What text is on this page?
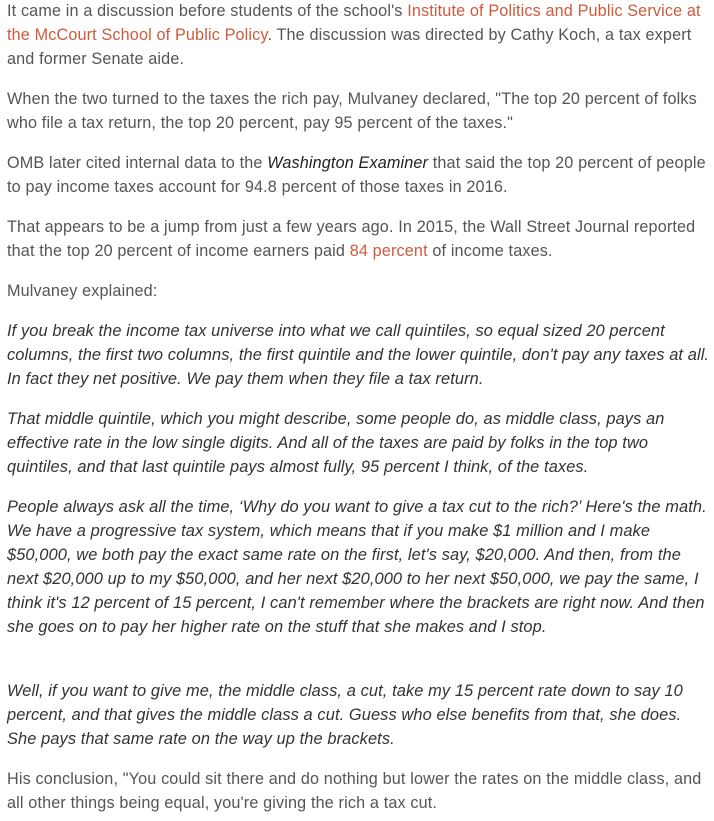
It came in a discussion before students of the school's Institute of Politics and Public Service at the McCourt School of Public Policy. The discussion was directed by Cathy Koch, a tax expert and former Senate aide.

When the two turned to the taxes the rich pay, Mulvaney declared, "The top 20 percent of folks who file a tax return, the top 20 percent, pay 95 percent of the taxes."

OMB later cited internal data to the Washington Examiner that said the top 20 percent of people to pay income taxes account for 94.8 percent of those taxes in 2016.

That appears to be a jump from just a few years ago. In 2015, the Wall Street Journal reported that the top 20 percent of income earners paid 84 percent of income taxes.

Mulvaney explained:

If you break the income tax universe into what we call quintiles, so equal sized 20 percent columns, the first two columns, the first quintile and the lower quintile, don't pay any taxes at all. In fact they net positive. We pay them when they file a tax return.

That middle quintile, which you might describe, some people do, as middle class, pays an effective rate in the low single digits. And all of the taxes are paid by folks in the top two quintiles, and that last quintile pays almost fully, 95 percent I think, of the taxes.

People always ask all the time, ‘Why do you want to give a tax cut to the rich?’ Here's the math. We have a progressive tax system, which means that if you make $1 million and I make $50,000, we both pay the exact same rate on the first, let's say, $20,000. And then, from the next $20,000 up to my $50,000, and her next $20,000 to her next $50,000, we pay the same, I think it's 12 percent of 15 percent, I can't remember where the brackets are right now. And then she goes on to pay her higher rate on the stuff that she makes and I stop.

Well, if you want to give me, the middle class, a cut, take my 15 percent rate down to say 10 percent, and that gives the middle class a cut. Guess who else benefits from that, she does. She pays that same rate on the way up the brackets.

His conclusion, "You could sit there and do nothing but lower the rates on the middle class, and all other things being equal, you're giving the rich a tax cut.
